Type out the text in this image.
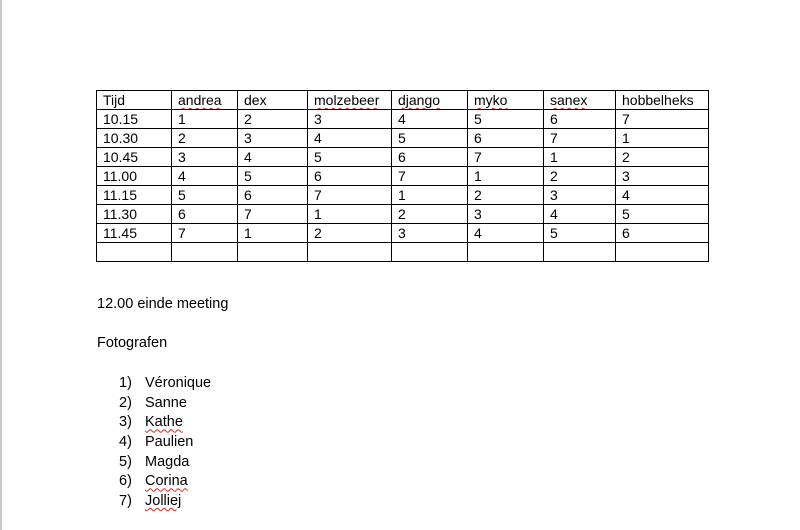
Tijd	andrea	dex	molzebeer	django	myko	sanex	hobbelheks
10.15	1	2	3	4	5	6	7
10.30	2	3	4	5	6	7	1
10.45	3	4	5	6	7	1	2
11.00	4	5	6	7	1	2	3
11.15	5	6	7	1	2	3	4
11.30	6	7	1	2	3	4	5
11.45	7	1	2	3	4	5	6

12.00 einde meeting
Fotografen
1) Véronique
2) Sanne
3) Kathe
4) Paulien
5) Magda
6) Corina
7) Jolliej
